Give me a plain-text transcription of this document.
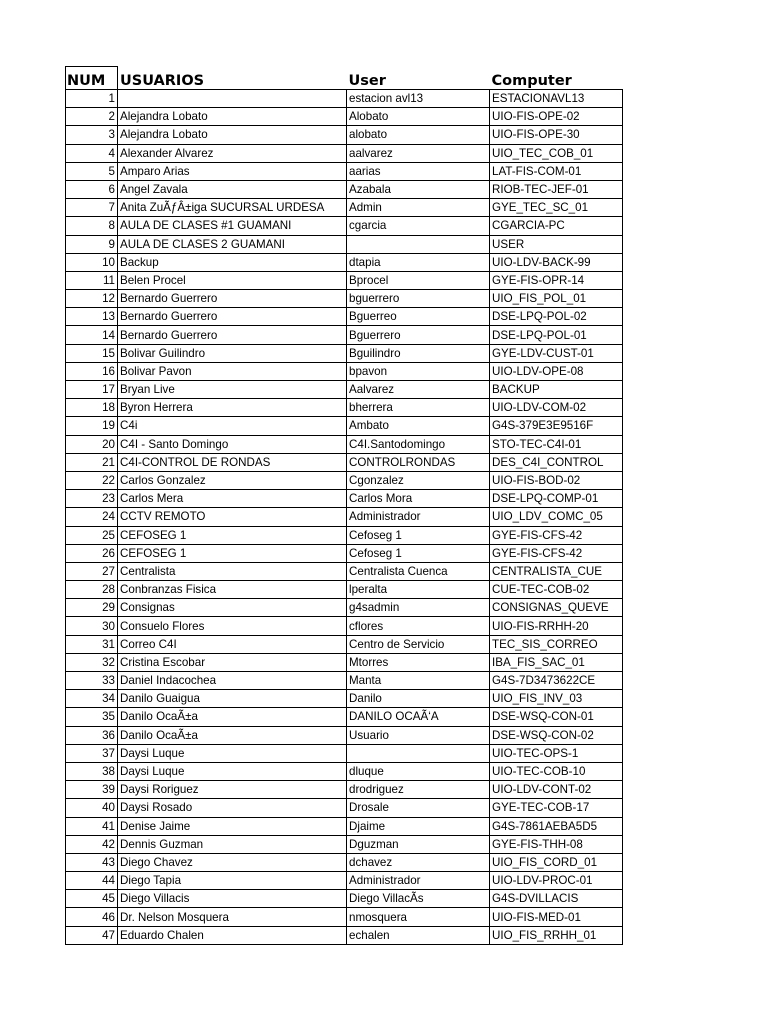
NUM	USUARIOS	User	Computer
1		estacion avl13	ESTACIONAVL13
2	Alejandra Lobato	Alobato	UIO-FIS-OPE-02
3	Alejandra Lobato	alobato	UIO-FIS-OPE-30
4	Alexander Alvarez	aalvarez	UIO_TEC_COB_01
5	Amparo Arias	aarias	LAT-FIS-COM-01
6	Angel Zavala	Azabala	RIOB-TEC-JEF-01
7	Anita ZuÃƒÂ±iga SUCURSAL URDESA	Admin	GYE_TEC_SC_01
8	AULA DE CLASES #1 GUAMANI	cgarcia	CGARCIA-PC
9	AULA DE CLASES 2 GUAMANI		USER
10	Backup	dtapia	UIO-LDV-BACK-99
11	Belen Procel	Bprocel	GYE-FIS-OPR-14
12	Bernardo Guerrero	bguerrero	UIO_FIS_POL_01
13	Bernardo Guerrero	Bguerreo	DSE-LPQ-POL-02
14	Bernardo Guerrero	Bguerrero	DSE-LPQ-POL-01
15	Bolivar Guilindro	Bguilindro	GYE-LDV-CUST-01
16	Bolivar Pavon	bpavon	UIO-LDV-OPE-08
17	Bryan Live	Aalvarez	BACKUP
18	Byron Herrera	bherrera	UIO-LDV-COM-02
19	C4i	Ambato	G4S-379E3E9516F
20	C4I - Santo Domingo	C4I.Santodomingo	STO-TEC-C4I-01
21	C4I-CONTROL DE RONDAS	CONTROLRONDAS	DES_C4I_CONTROL
22	Carlos Gonzalez	Cgonzalez	UIO-FIS-BOD-02
23	Carlos Mera	Carlos Mora	DSE-LPQ-COMP-01
24	CCTV REMOTO	Administrador	UIO_LDV_COMC_05
25	CEFOSEG 1	Cefoseg 1	GYE-FIS-CFS-42
26	CEFOSEG 1	Cefoseg 1	GYE-FIS-CFS-42
27	Centralista	Centralista Cuenca	CENTRALISTA_CUE
28	Conbranzas Fisica	lperalta	CUE-TEC-COB-02
29	Consignas	g4sadmin	CONSIGNAS_QUEVE
30	Consuelo Flores	cflores	UIO-FIS-RRHH-20
31	Correo C4I	Centro de Servicio	TEC_SIS_CORREO
32	Cristina Escobar	Mtorres	IBA_FIS_SAC_01
33	Daniel Indacochea	Manta	G4S-7D3473622CE
34	Danilo Guaigua	Danilo	UIO_FIS_INV_03
35	Danilo OcaÃ±a	DANILO OCAÃ‘A	DSE-WSQ-CON-01
36	Danilo OcaÃ±a	Usuario	DSE-WSQ-CON-02
37	Daysi Luque		UIO-TEC-OPS-1
38	Daysi Luque	dluque	UIO-TEC-COB-10
39	Daysi Roriguez	drodriguez	UIO-LDV-CONT-02
40	Daysi Rosado	Drosale	GYE-TEC-COB-17
41	Denise Jaime	Djaime	G4S-7861AEBA5D5
42	Dennis Guzman	Dguzman	GYE-FIS-THH-08
43	Diego Chavez	dchavez	UIO_FIS_CORD_01
44	Diego Tapia	Administrador	UIO-LDV-PROC-01
45	Diego Villacis	Diego VillacÃs	G4S-DVILLACIS
46	Dr. Nelson Mosquera	nmosquera	UIO-FIS-MED-01
47	Eduardo Chalen	echalen	UIO_FIS_RRHH_01
